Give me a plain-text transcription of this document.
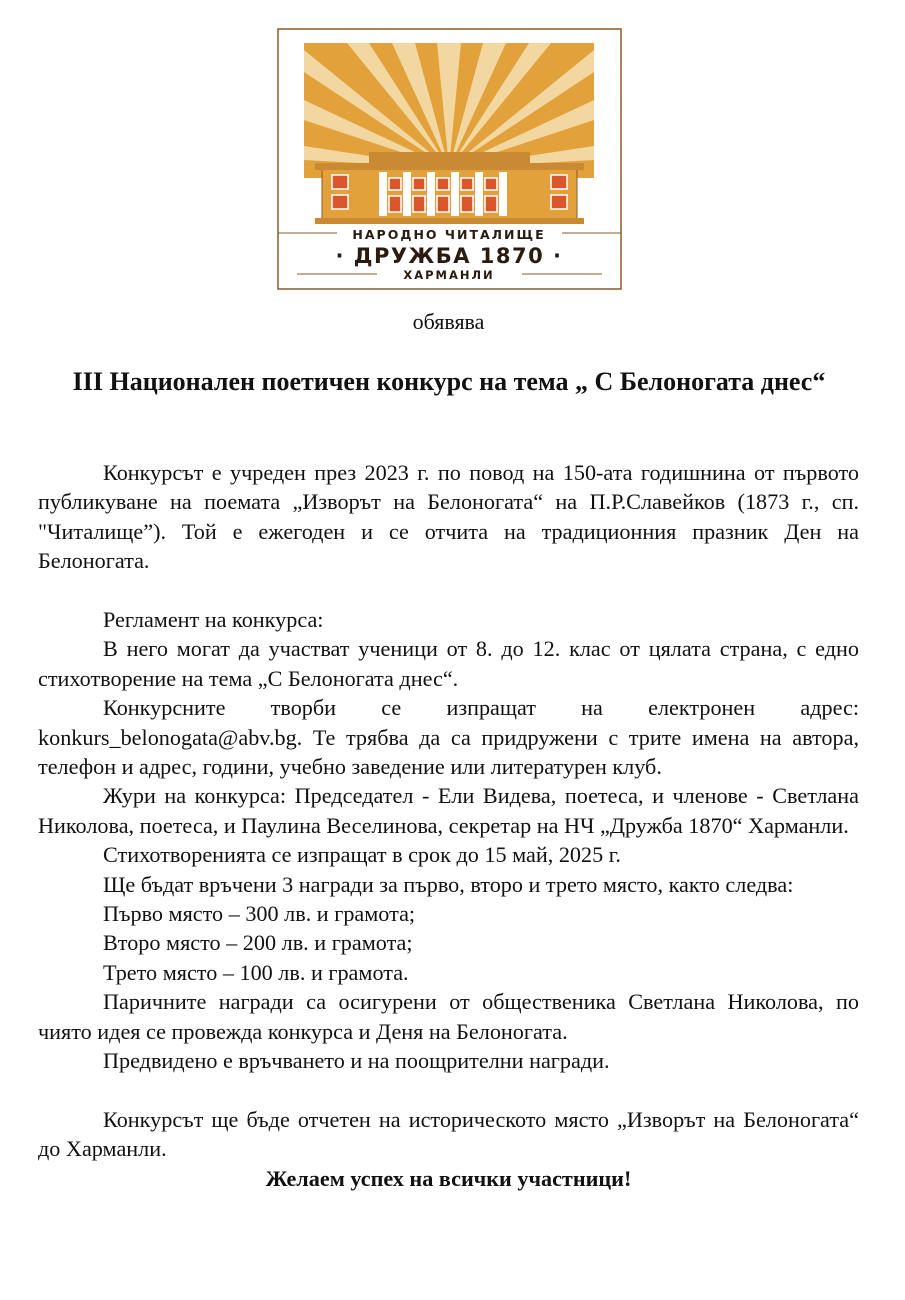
НАРОДНО ЧИТАЛИЩЕ
· ДРУЖБА 1870 ·
ХАРМАНЛИ
обявява
III Национален поетичен конкурс на тема „ С Белоногата днес“

Конкурсът е учреден през 2023 г. по повод на 150-ата годишнина от първото публикуване на поемата „Изворът на Белоногата“ на П.Р.Славейков (1873 г., сп. "Читалище”). Той е ежегоден и се отчита на традиционния празник Ден на Белоногата.

Регламент на конкурса:

В него могат да участват ученици от 8. до 12. клас от цялата страна, с едно стихотворение на тема „С Белоногата днес“.

Конкурсните творби се изпращат на електронен адрес: konkurs_belonogata@abv.bg. Те трябва да са придружени с трите имена на автора, телефон и адрес, години, учебно заведение или литературен клуб.

Жури на конкурса: Председател - Ели Видева, поетеса, и членове - Светлана Николова, поетеса, и Паулина Веселинова, секретар на НЧ „Дружба 1870“ Харманли.

Стихотворенията се изпращат в срок до 15 май, 2025 г.

Ще бъдат връчени 3 награди за първо, второ и трето място, както следва:

Първо място – 300 лв. и грамота;

Второ място – 200 лв. и грамота;

Трето място – 100 лв. и грамота.

Паричните награди са осигурени от общественика Светлана Николова, по чиято идея се провежда конкурса и Деня на Белоногата.

Предвидено е връчването и на поощрителни награди.

Конкурсът ще бъде отчетен на историческото място „Изворът на Белоногата“ до Харманли.

Желаем успех на всички участници!
